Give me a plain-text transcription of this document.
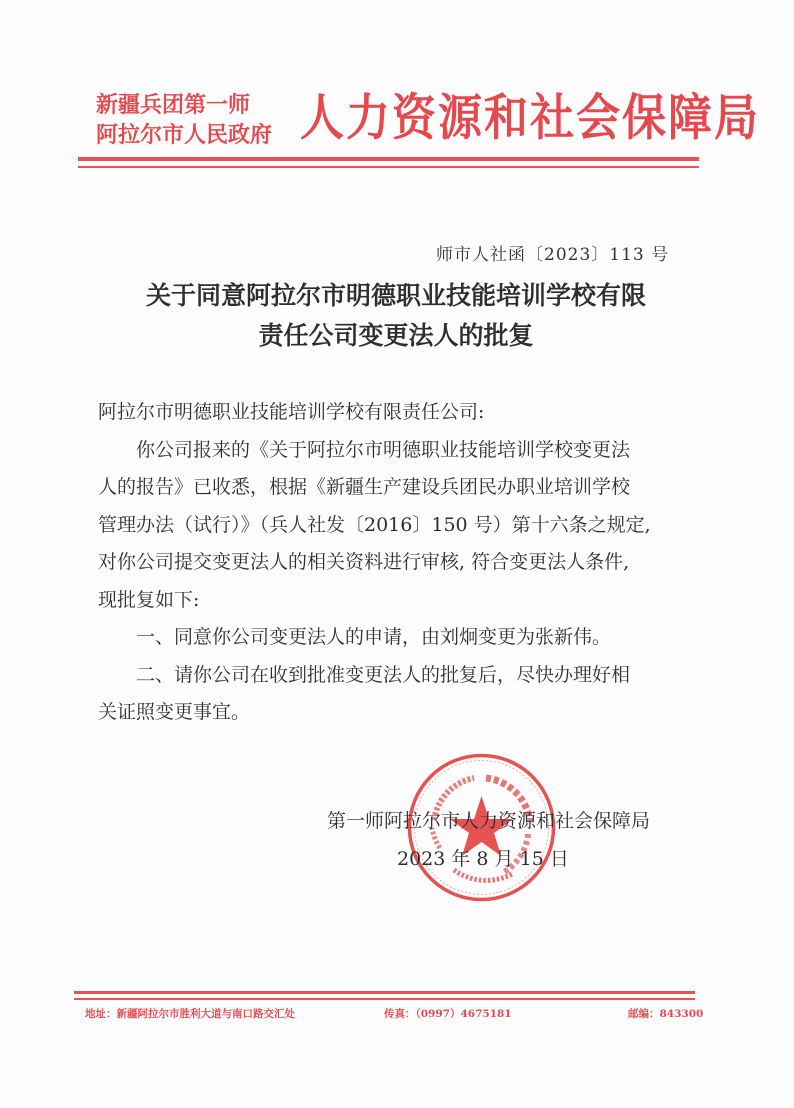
新疆兵团第一师
阿拉尔市人民政府 人力资源和社会保障局
师市人社函〔2023〕113 号
关于同意阿拉尔市明德职业技能培训学校有限
责任公司变更法人的批复

阿拉尔市明德职业技能培训学校有限责任公司:

你公司报来的《关于阿拉尔市明德职业技能培训学校变更法

人的报告》已收悉，根据《新疆生产建设兵团民办职业培训学校

管理办法（试行）》（兵人社发〔2016〕150 号）第十六条之规定,

对你公司提交变更法人的相关资料进行审核, 符合变更法人条件,

现批复如下:

一、同意你公司变更法人的申请，由刘炯变更为张新伟。

二、请你公司在收到批准变更法人的批复后，尽快办理好相

关证照变更事宜。

第一师阿拉尔市人力资源和社会保障局
2023 年 8 月 15 日
地址：新疆阿拉尔市胜利大道与南口路交汇处	传真：（0997）4675181	邮编：843300
